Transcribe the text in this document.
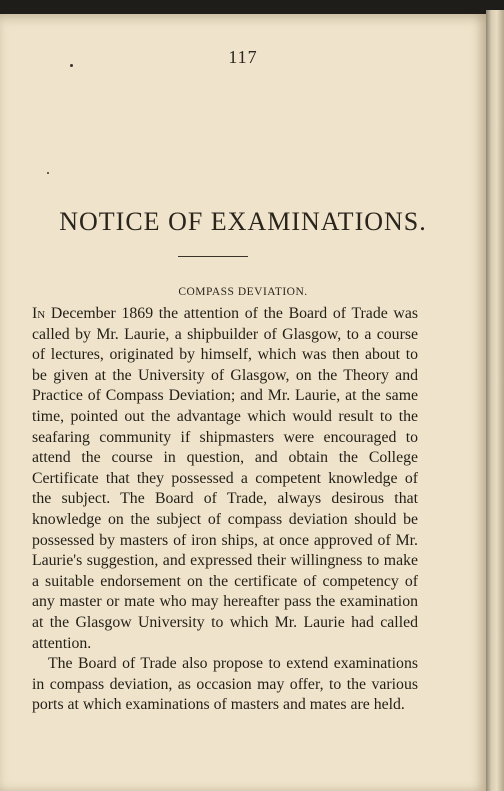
117
NOTICE OF EXAMINATIONS.
COMPASS DEVIATION.

In December 1869 the attention of the Board of Trade was called by Mr. Laurie, a shipbuilder of Glasgow, to a course of lectures, originated by himself, which was then about to be given at the University of Glasgow, on the Theory and Practice of Compass Deviation; and Mr. Laurie, at the same time, pointed out the advantage which would result to the seafaring community if shipmasters were encouraged to attend the course in question, and obtain the College Certificate that they possessed a competent knowledge of the subject. The Board of Trade, always desirous that knowledge on the subject of compass deviation should be possessed by masters of iron ships, at once approved of Mr. Laurie's suggestion, and expressed their willingness to make a suitable endorsement on the certificate of competency of any master or mate who may hereafter pass the examination at the Glasgow University to which Mr. Laurie had called attention.

The Board of Trade also propose to extend examinations in compass deviation, as occasion may offer, to the various ports at which examinations of masters and mates are held.
